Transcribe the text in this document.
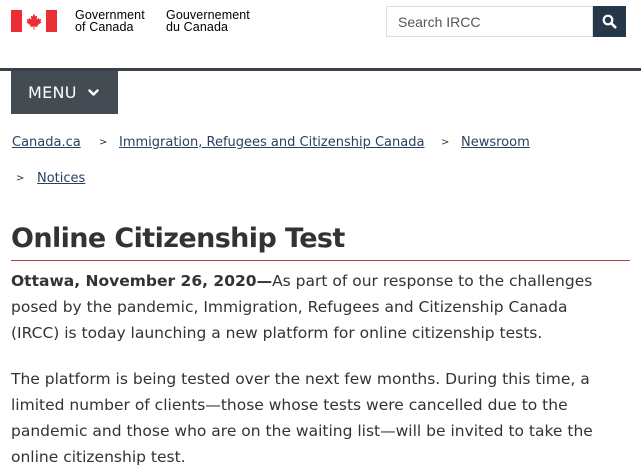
Government
of Canada
Gouvernement
du Canada
Search IRCC
MENU
Canada.ca > Immigration, Refugees and Citizenship Canada > Newsroom
> Notices
Online Citizenship Test

Ottawa, November 26, 2020—As part of our response to the challenges
posed by the pandemic, Immigration, Refugees and Citizenship Canada
(IRCC) is today launching a new platform for online citizenship tests.

The platform is being tested over the next few months. During this time, a
limited number of clients—those whose tests were cancelled due to the
pandemic and those who are on the waiting list—will be invited to take the
online citizenship test.
